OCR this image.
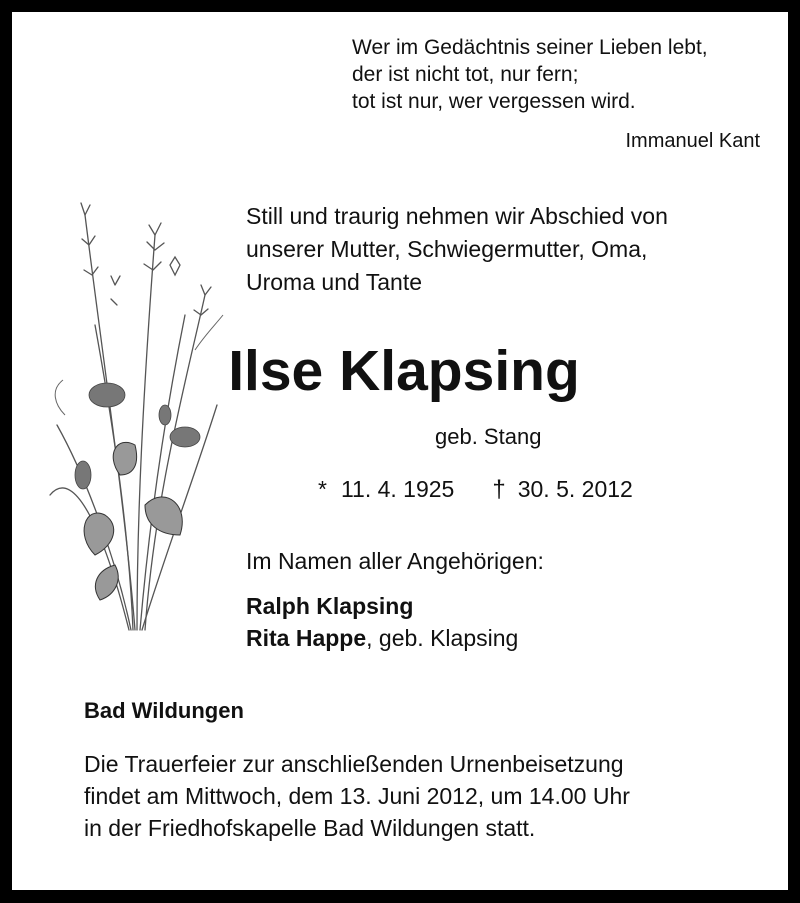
Wer im Gedächtnis seiner Lieben lebt,
der ist nicht tot, nur fern;
tot ist nur, wer vergessen wird.
Immanuel Kant
Still und traurig nehmen wir Abschied von
unserer Mutter, Schwiegermutter, Oma,
Uroma und Tante
Ilse Klapsing
geb. Stang
* 11. 4. 1925 † 30. 5. 2012
Im Namen aller Angehörigen:
Ralph Klapsing
Rita Happe, geb. Klapsing
Bad Wildungen
Die Trauerfeier zur anschließenden Urnenbeisetzung
findet am Mittwoch, dem 13. Juni 2012, um 14.00 Uhr
in der Friedhofskapelle Bad Wildungen statt.
